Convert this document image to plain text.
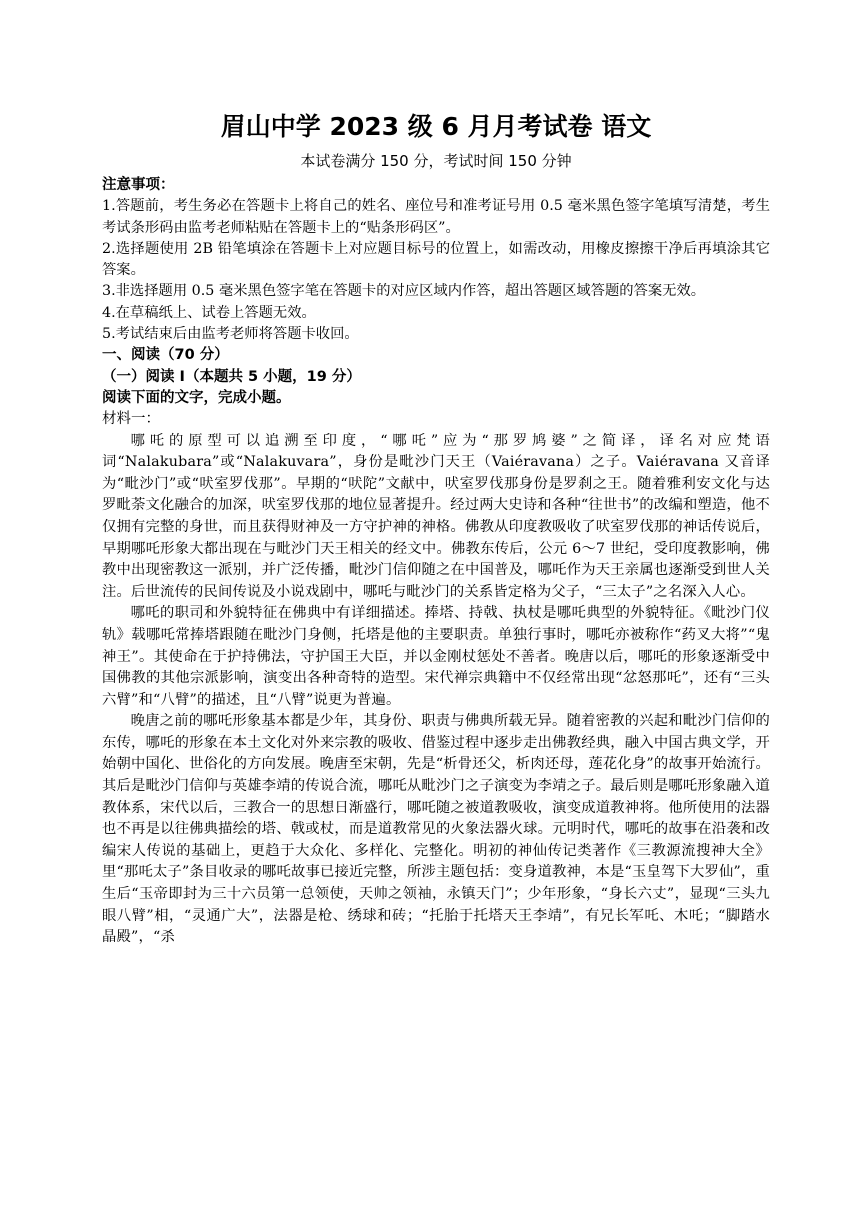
眉山中学 2023 级 6 月月考试卷 语文
本试卷满分 150 分，考试时间 150 分钟
注意事项：
1.答题前，考生务必在答题卡上将自己的姓名、座位号和准考证号用 0.5 毫米黑色签字笔填写清楚，考生考试条形码由监考老师粘贴在答题卡上的“贴条形码区”。
2.选择题使用 2B 铅笔填涂在答题卡上对应题目标号的位置上，如需改动，用橡皮擦擦干净后再填涂其它答案。
3.非选择题用 0.5 毫米黑色签字笔在答题卡的对应区域内作答，超出答题区域答题的答案无效。
4.在草稿纸上、试卷上答题无效。
5.考试结束后由监考老师将答题卡收回。
一、阅读（70 分）
（一）阅读 Ⅰ（本题共 5 小题，19 分）
阅读下面的文字，完成小题。
材料一：

哪吒的原型可以追溯至印度，“哪吒”应为“那罗鸠婆”之简译，译名对应梵语词“Nalakubara”或“Nalakuvara”，身份是毗沙门天王（Vaiéravana）之子。Vaiéravana 又音译为“毗沙门”或“吠室罗伐那”。早期的“吠陀”文献中，吠室罗伐那身份是罗刹之王。随着雅利安文化与达罗毗荼文化融合的加深，吠室罗伐那的地位显著提升。经过两大史诗和各种“往世书”的改编和塑造，他不仅拥有完整的身世，而且获得财神及一方守护神的神格。佛教从印度教吸收了吠室罗伐那的神话传说后，早期哪吒形象大都出现在与毗沙门天王相关的经文中。佛教东传后，公元 6～7 世纪，受印度教影响，佛教中出现密教这一派别，并广泛传播，毗沙门信仰随之在中国普及，哪吒作为天王亲属也逐渐受到世人关注。后世流传的民间传说及小说戏剧中，哪吒与毗沙门的关系皆定格为父子，“三太子”之名深入人心。

哪吒的职司和外貌特征在佛典中有详细描述。捧塔、持戟、执杖是哪吒典型的外貌特征。《毗沙门仪轨》载哪吒常捧塔跟随在毗沙门身侧，托塔是他的主要职责。单独行事时，哪吒亦被称作“药叉大将”“鬼神王”。其使命在于护持佛法，守护国王大臣，并以金刚杖惩处不善者。晚唐以后，哪吒的形象逐渐受中国佛教的其他宗派影响，演变出各种奇特的造型。宋代禅宗典籍中不仅经常出现“忿怒那吒”，还有“三头六臂”和“八臂”的描述，且“八臂”说更为普遍。

晚唐之前的哪吒形象基本都是少年，其身份、职责与佛典所载无异。随着密教的兴起和毗沙门信仰的东传，哪吒的形象在本土文化对外来宗教的吸收、借鉴过程中逐步走出佛教经典，融入中国古典文学，开始朝中国化、世俗化的方向发展。晚唐至宋朝，先是“析骨还父，析肉还母，莲花化身”的故事开始流行。其后是毗沙门信仰与英雄李靖的传说合流，哪吒从毗沙门之子演变为李靖之子。最后则是哪吒形象融入道教体系，宋代以后，三教合一的思想日渐盛行，哪吒随之被道教吸收，演变成道教神将。他所使用的法器也不再是以往佛典描绘的塔、戟或杖，而是道教常见的火象法器火球。元明时代，哪吒的故事在沿袭和改编宋人传说的基础上，更趋于大众化、多样化、完整化。明初的神仙传记类著作《三教源流搜神大全》里“那吒太子”条目收录的哪吒故事已接近完整，所涉主题包括：变身道教神，本是“玉皇驾下大罗仙”，重生后“玉帝即封为三十六员第一总领使，天帅之领袖，永镇天门”；少年形象，“身长六丈”，显现“三头九眼八臂”相，“灵通广大”，法器是枪、绣球和砖；“托胎于托塔天王李靖”，有兄长军吒、木吒；“脚踏水晶殿”，“杀
